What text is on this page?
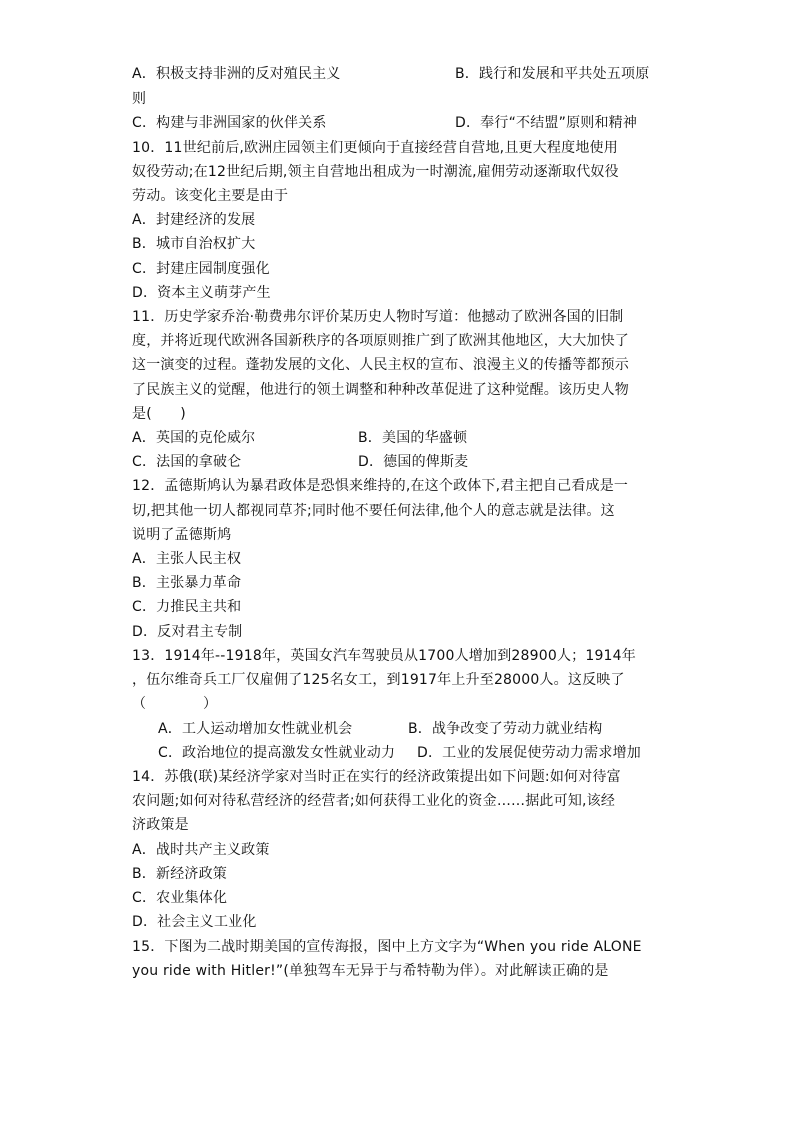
A．积极支持非洲的反对殖民主义	B．践行和发展和平共处五项原
则
C．构建与非洲国家的伙伴关系	D．奉行“不结盟”原则和精神
10．11世纪前后,欧洲庄园领主们更倾向于直接经营自营地,且更大程度地使用
奴役劳动;在12世纪后期,领主自营地出租成为一时潮流,雇佣劳动逐渐取代奴役
劳动。该变化主要是由于
A．封建经济的发展
B．城市自治权扩大
C．封建庄园制度强化
D．资本主义萌芽产生
11．历史学家乔治·勒费弗尔评价某历史人物时写道：他撼动了欧洲各国的旧制
度，并将近现代欧洲各国新秩序的各项原则推广到了欧洲其他地区，大大加快了
这一演变的过程。蓬勃发展的文化、人民主权的宣布、浪漫主义的传播等都预示
了民族主义的觉醒，他进行的领土调整和种种改革促进了这种觉醒。该历史人物
是(　　)
A．英国的克伦威尔	B．美国的华盛顿
C．法国的拿破仑	D．德国的俾斯麦
12．孟德斯鸠认为暴君政体是恐惧来维持的,在这个政体下,君主把自己看成是一
切,把其他一切人都视同草芥;同时他不要任何法律,他个人的意志就是法律。这
说明了孟德斯鸠
A．主张人民主权
B．主张暴力革命
C．力推民主共和
D．反对君主专制
13．1914年--1918年，英国女汽车驾驶员从1700人增加到28900人；1914年
，伍尔维奇兵工厂仅雇佣了125名女工，到1917年上升至28000人。这反映了
（　　　　）
A．工人运动增加女性就业机会	B．战争改变了劳动力就业结构
C．政治地位的提高激发女性就业动力 D．工业的发展促使劳动力需求增加
14．苏俄(联)某经济学家对当时正在实行的经济政策提出如下问题:如何对待富
农问题;如何对待私营经济的经营者;如何获得工业化的资金……据此可知,该经
济政策是
A．战时共产主义政策
B．新经济政策
C．农业集体化
D．社会主义工业化
15．下图为二战时期美国的宣传海报，图中上方文字为“When you ride ALONE
you ride with Hitler!”(单独驾车无异于与希特勒为伴）。对此解读正确的是
